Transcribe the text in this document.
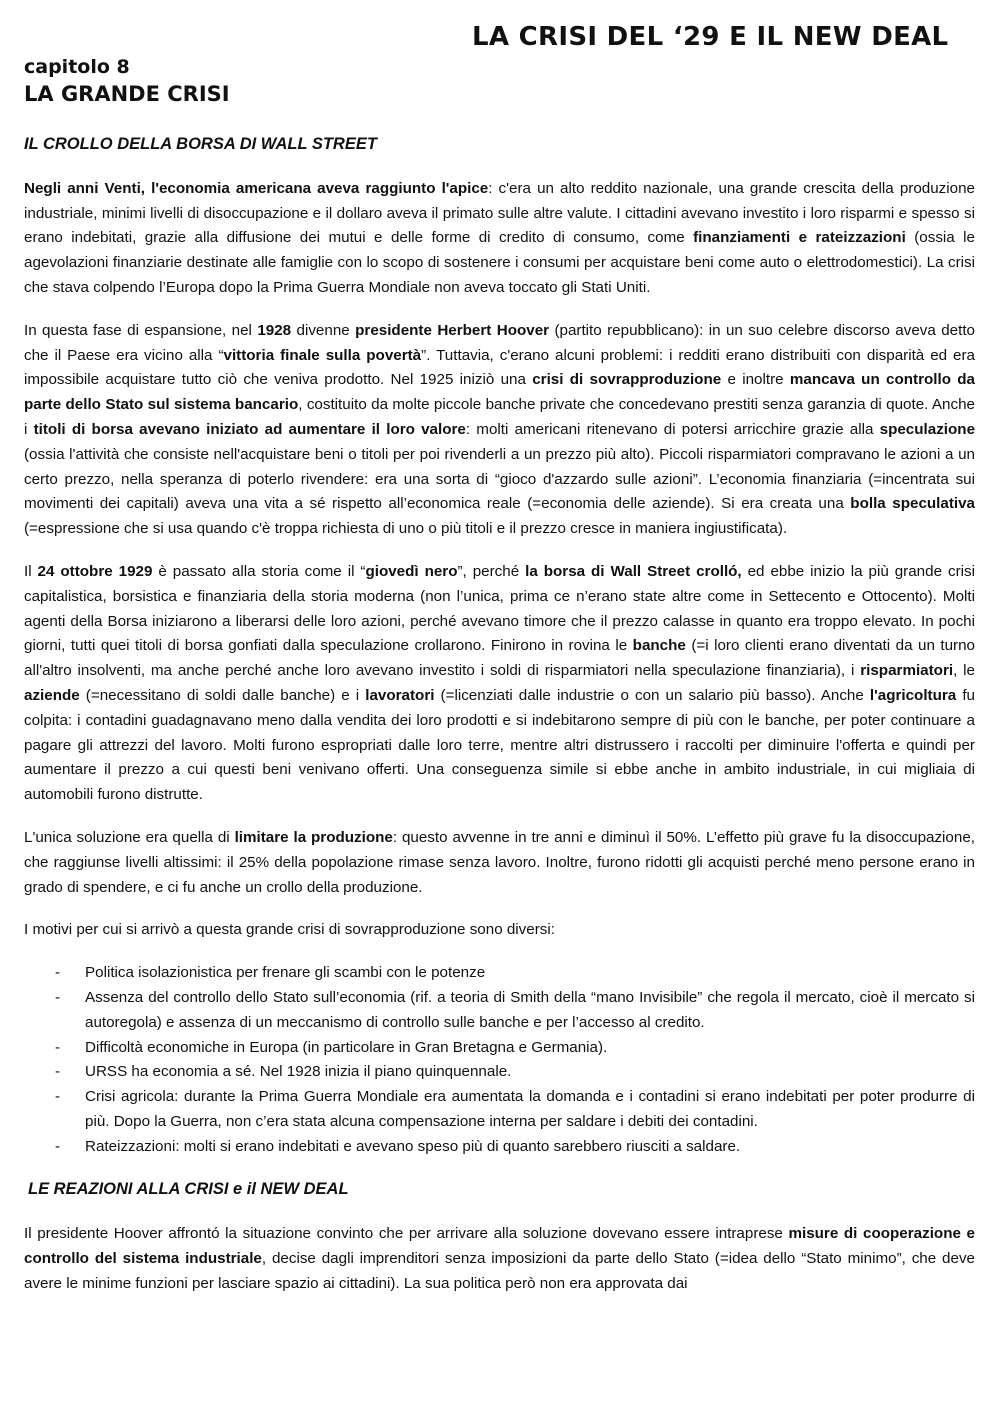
LA CRISI DEL ‘29 E IL NEW DEAL
capitolo 8
LA GRANDE CRISI
IL CROLLO DELLA BORSA DI WALL STREET

Negli anni Venti, l'economia americana aveva raggiunto l'apice: c'era un alto reddito nazionale, una grande crescita della produzione industriale, minimi livelli di disoccupazione e il dollaro aveva il primato sulle altre valute. I cittadini avevano investito i loro risparmi e spesso si erano indebitati, grazie alla diffusione dei mutui e delle forme di credito di consumo, come finanziamenti e rateizzazioni (ossia le agevolazioni finanziarie destinate alle famiglie con lo scopo di sostenere i consumi per acquistare beni come auto o elettrodomestici). La crisi che stava colpendo l’Europa dopo la Prima Guerra Mondiale non aveva toccato gli Stati Uniti.

In questa fase di espansione, nel 1928 divenne presidente Herbert Hoover (partito repubblicano): in un suo celebre discorso aveva detto che il Paese era vicino alla “vittoria finale sulla povertà”. Tuttavia, c'erano alcuni problemi: i redditi erano distribuiti con disparità ed era impossibile acquistare tutto ciò che veniva prodotto. Nel 1925 iniziò una crisi di sovrapproduzione e inoltre mancava un controllo da parte dello Stato sul sistema bancario, costituito da molte piccole banche private che concedevano prestiti senza garanzia di quote. Anche i titoli di borsa avevano iniziato ad aumentare il loro valore: molti americani ritenevano di potersi arricchire grazie alla speculazione (ossia l'attività che consiste nell'acquistare beni o titoli per poi rivenderli a un prezzo più alto). Piccoli risparmiatori compravano le azioni a un certo prezzo, nella speranza di poterlo rivendere: era una sorta di “gioco d'azzardo sulle azioni”. L’economia finanziaria (=incentrata sui movimenti dei capitali) aveva una vita a sé rispetto all’economica reale (=economia delle aziende). Si era creata una bolla speculativa (=espressione che si usa quando c'è troppa richiesta di uno o più titoli e il prezzo cresce in maniera ingiustificata).

Il 24 ottobre 1929 è passato alla storia come il “giovedì nero”, perché la borsa di Wall Street crolló, ed ebbe inizio la più grande crisi capitalistica, borsistica e finanziaria della storia moderna (non l’unica, prima ce n’erano state altre come in Settecento e Ottocento). Molti agenti della Borsa iniziarono a liberarsi delle loro azioni, perché avevano timore che il prezzo calasse in quanto era troppo elevato. In pochi giorni, tutti quei titoli di borsa gonfiati dalla speculazione crollarono. Finirono in rovina le banche (=i loro clienti erano diventati da un turno all'altro insolventi, ma anche perché anche loro avevano investito i soldi di risparmiatori nella speculazione finanziaria), i risparmiatori, le aziende (=necessitano di soldi dalle banche) e i lavoratori (=licenziati dalle industrie o con un salario più basso). Anche l'agricoltura fu colpita: i contadini guadagnavano meno dalla vendita dei loro prodotti e si indebitarono sempre di più con le banche, per poter continuare a pagare gli attrezzi del lavoro. Molti furono espropriati dalle loro terre, mentre altri distrussero i raccolti per diminuire l'offerta e quindi per aumentare il prezzo a cui questi beni venivano offerti. Una conseguenza simile si ebbe anche in ambito industriale, in cui migliaia di automobili furono distrutte.

L'unica soluzione era quella di limitare la produzione: questo avvenne in tre anni e diminuì il 50%. L’effetto più grave fu la disoccupazione, che raggiunse livelli altissimi: il 25% della popolazione rimase senza lavoro. Inoltre, furono ridotti gli acquisti perché meno persone erano in grado di spendere, e ci fu anche un crollo della produzione.

I motivi per cui si arrivò a questa grande crisi di sovrapproduzione sono diversi:

- Politica isolazionistica per frenare gli scambi con le potenze
- Assenza del controllo dello Stato sull’economia (rif. a teoria di Smith della “mano Invisibile” che regola il mercato, cioè il mercato si autoregola) e assenza di un meccanismo di controllo sulle banche e per l’accesso al credito.
- Difficoltà economiche in Europa (in particolare in Gran Bretagna e Germania).
- URSS ha economia a sé. Nel 1928 inizia il piano quinquennale.
- Crisi agricola: durante la Prima Guerra Mondiale era aumentata la domanda e i contadini si erano indebitati per poter produrre di più. Dopo la Guerra, non c’era stata alcuna compensazione interna per saldare i debiti dei contadini.
- Rateizzazioni: molti si erano indebitati e avevano speso più di quanto sarebbero riusciti a saldare.
LE REAZIONI ALLA CRISI e il NEW DEAL

Il presidente Hoover affrontó la situazione convinto che per arrivare alla soluzione dovevano essere intraprese misure di cooperazione e controllo del sistema industriale, decise dagli imprenditori senza imposizioni da parte dello Stato (=idea dello “Stato minimo”, che deve avere le minime funzioni per lasciare spazio ai cittadini). La sua politica però non era approvata dai
